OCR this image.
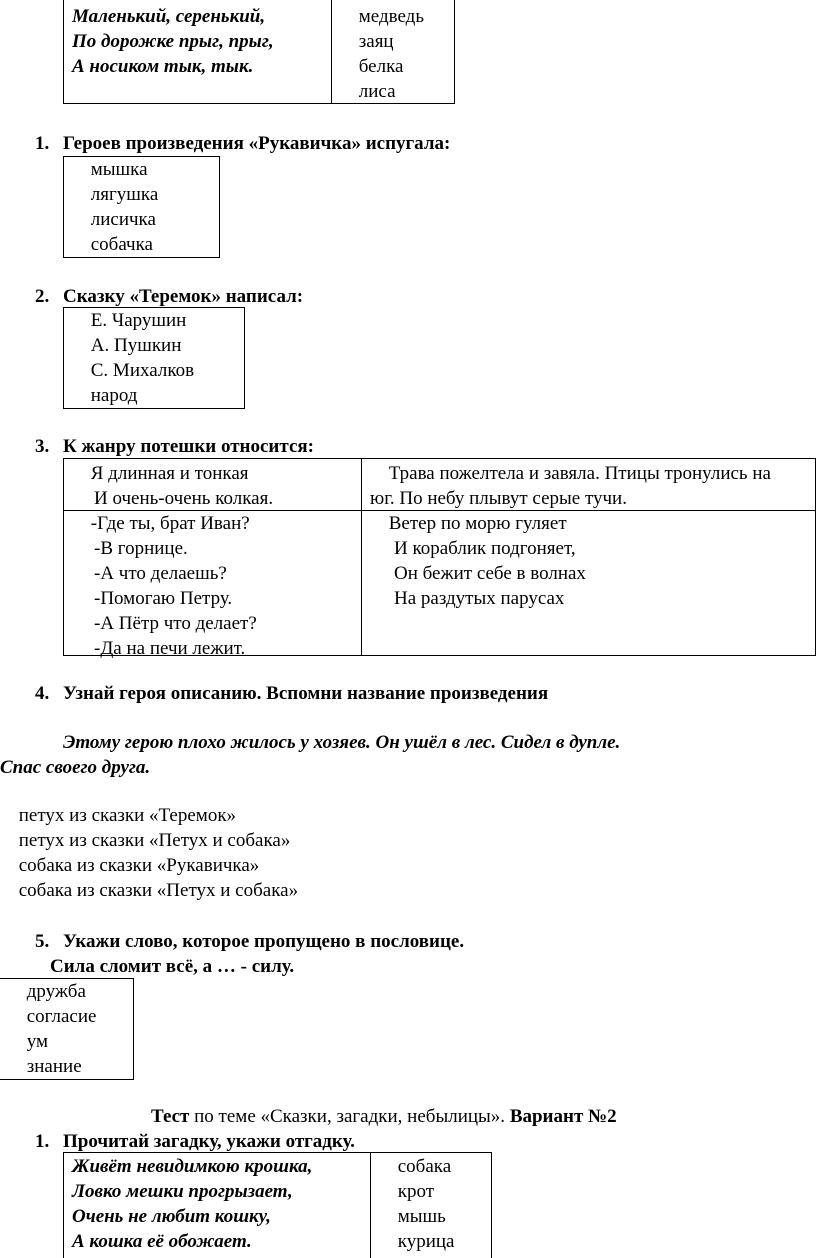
Маленький, серенький,
По дорожке прыг, прыг,
А носиком тык, тык.
медведь
заяц
белка
лиса
1. Героев произведения «Рукавичка» испугала:
мышка
лягушка
лисичка
собачка
2. Сказку «Теремок» написал:
Е. Чарушин
А. Пушкин
С. Михалков
народ
3. К жанру потешки относится:
Я длинная и тонкая
И очень-очень колкая.
Трава пожелтела и завяла. Птицы тронулись на
юг. По небу плывут серые тучи.
-Где ты, брат Иван?
-В горнице.
-А что делаешь?
-Помогаю Петру.
-А Пётр что делает?
-Да на печи лежит.
Ветер по морю гуляет
И кораблик подгоняет,
Он бежит себе в волнах
На раздутых парусах
4. Узнай героя описанию. Вспомни название произведения
Этому герою плохо жилось у хозяев. Он ушёл в лес. Сидел в дупле.
Спас своего друга.
петух из сказки «Теремок»
петух из сказки «Петух и собака»
собака из сказки «Рукавичка»
собака из сказки «Петух и собака»
5. Укажи слово, которое пропущено в пословице.
Сила сломит всё, а … - силу.
дружба
согласие
ум
знание
Тест по теме «Сказки, загадки, небылицы». Вариант №2
1. Прочитай загадку, укажи отгадку.
Живёт невидимкою крошка,
Ловко мешки прогрызает,
Очень не любит кошку,
А кошка её обожает.
собака
крот
мышь
курица
